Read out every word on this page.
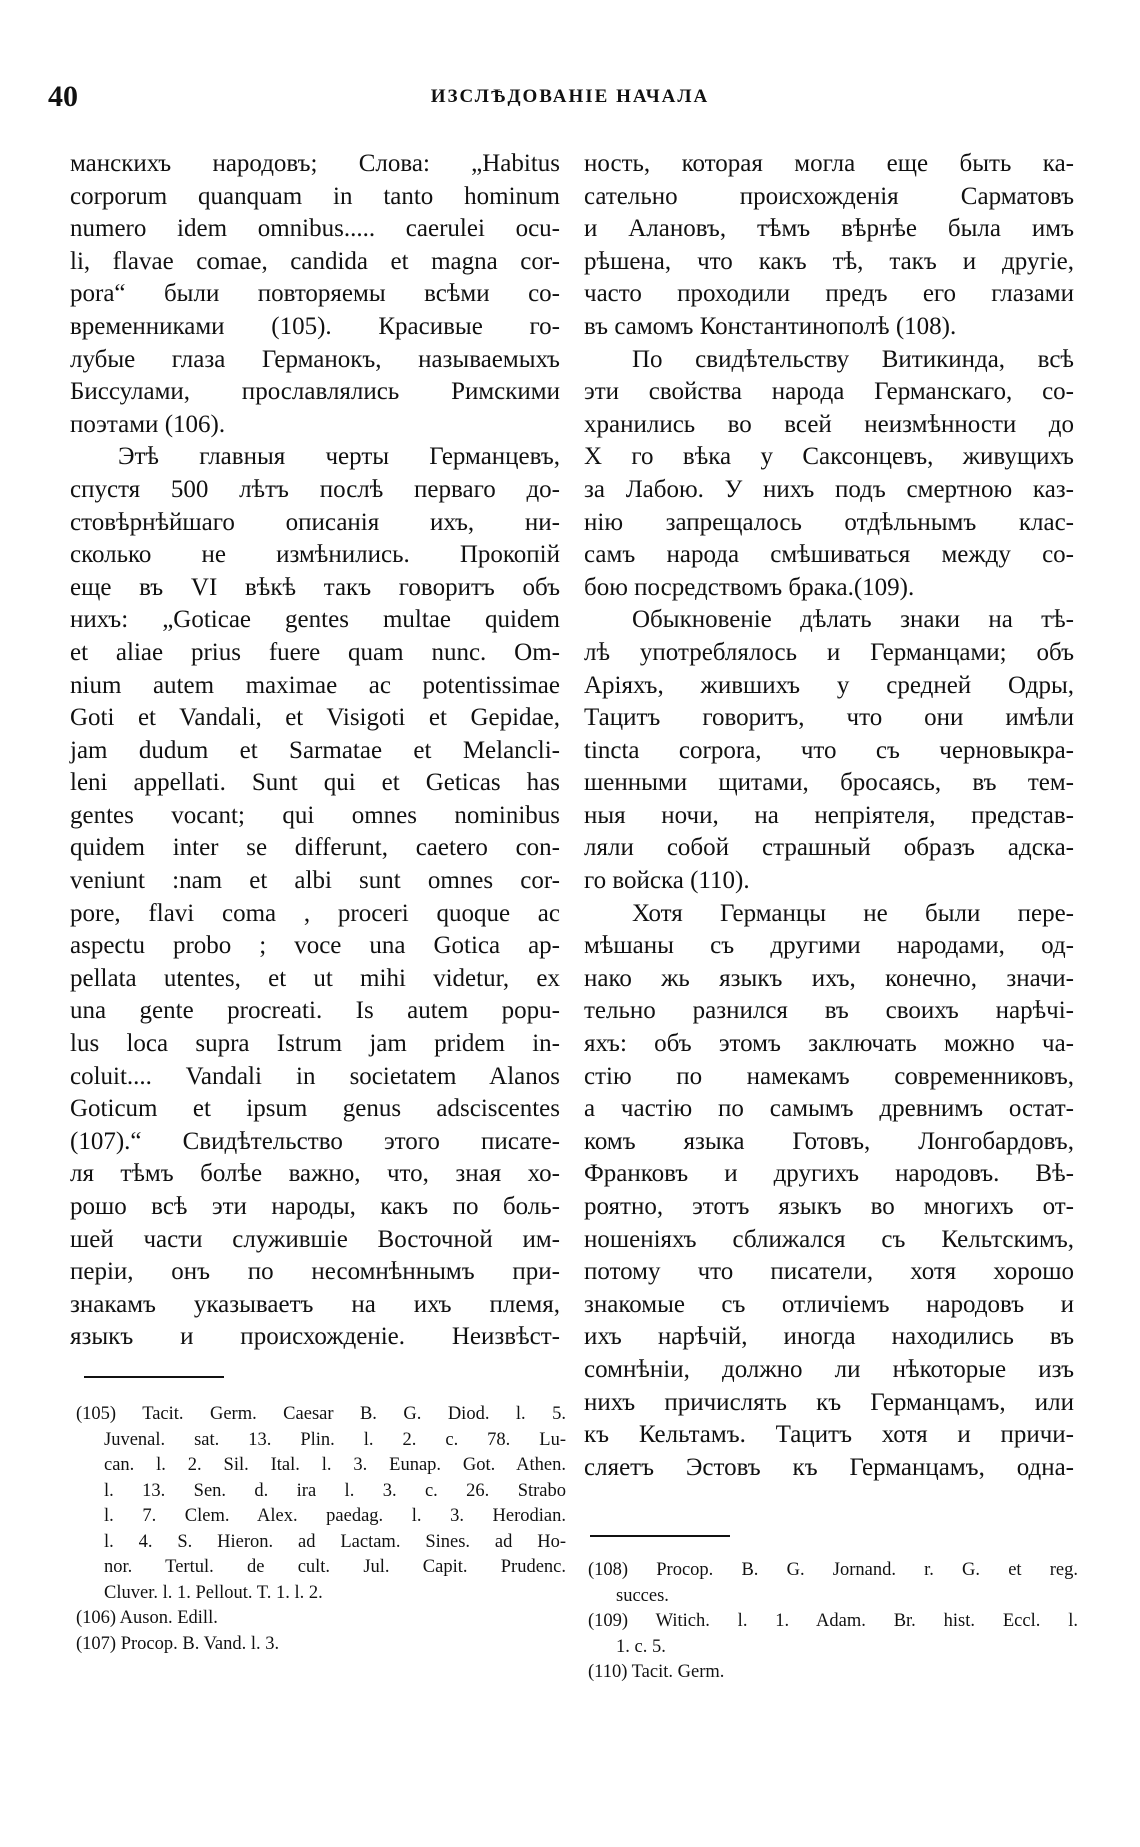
40	ИЗСЛѢДОВАНІЕ НАЧАЛА
манскихъ народовъ; Слова: „Habitus
corporum quanquam in tanto hominum
numero idem omnibus..... caerulei ocu-
li, flavae comae, candida et magna cor-
pora“ были повторяемы всѣми со-
временниками (105). Красивые го-
лубые глаза Германокъ, называемыхъ
Биссулами, прославлялись Римскими
поэтами (106).
Этѣ главныя черты Германцевъ,
спустя 500 лѣтъ послѣ перваго до-
стовѣрнѣйшаго описанія ихъ, ни-
сколько не измѣнились. Прокопій
еще въ VI вѣкѣ такъ говоритъ объ
нихъ: „Goticae gentes multae quidem
et aliae prius fuere quam nunc. Om-
nium autem maximae ac potentissimae
Goti et Vandali, et Visigoti et Gepidae,
jam dudum et Sarmatae et Melancli-
leni appellati. Sunt qui et Geticas has
gentes vocant; qui omnes nominibus
quidem inter se differunt, caetero con-
veniunt :nam et albi sunt omnes cor-
pore, flavi coma , proceri quoque ac
aspectu probo ; voce una Gotica ap-
pellata utentes, et ut mihi videtur, ex
una gente procreati. Is autem popu-
lus loca supra Istrum jam pridem in-
coluit.... Vandali in societatem Alanos
Goticum et ipsum genus adsciscentes
(107).“ Свидѣтельство этого писате-
ля тѣмъ болѣе важно, что, зная хо-
рошо всѣ эти народы, какъ по боль-
шей части служившіе Восточной им-
періи, онъ по несомнѣннымъ при-
знакамъ указываетъ на ихъ племя,
языкъ и происхожденіе. Неизвѣст-
ность, которая могла еще быть ка-
сательно происхожденія Сарматовъ
и Алановъ, тѣмъ вѣрнѣе была имъ
рѣшена, что какъ тѣ, такъ и другіе,
часто проходили предъ его глазами
въ самомъ Константинополѣ (108).
По свидѣтельству Витикинда, всѣ
эти свойства народа Германскаго, со-
хранились во всей неизмѣнности до
X го вѣка у Саксонцевъ, живущихъ
за Лабою. У нихъ подъ смертною каз-
нію запрещалось отдѣльнымъ клас-
самъ народа смѣшиваться между со-
бою посредствомъ брака.(109).
Обыкновеніе дѣлать знаки на тѣ-
лѣ употреблялось и Германцами; объ
Аріяхъ, жившихъ у средней Одры,
Тацитъ говоритъ, что они имѣли
tincta corpora, что съ черновыкра-
шенными щитами, бросаясь, въ тем-
ныя ночи, на непріятеля, представ-
ляли собой страшный образъ адска-
го войска (110).
Хотя Германцы не были пере-
мѣшаны съ другими народами, од-
нако жь языкъ ихъ, конечно, значи-
тельно разнился въ своихъ нарѣчі-
яхъ: объ этомъ заключать можно ча-
стію по намекамъ современниковъ,
а частію по самымъ древнимъ остат-
комъ языка Готовъ, Лонгобардовъ,
Франковъ и другихъ народовъ. Вѣ-
роятно, этотъ языкъ во многихъ от-
ношеніяхъ сближался съ Кельтскимъ,
потому что писатели, хотя хорошо
знакомые съ отличіемъ народовъ и
ихъ нарѣчій, иногда находились въ
сомнѣніи, должно ли нѣкоторые изъ
нихъ причислять къ Германцамъ, или
къ Кельтамъ. Тацитъ хотя и причи-
сляетъ Эстовъ къ Германцамъ, одна-
(105) Tacit. Germ. Caesar B. G. Diod. l. 5.
Juvenal. sat. 13. Plin. l. 2. c. 78. Lu-
can. l. 2. Sil. Ital. l. 3. Eunap. Got. Athen.
l. 13. Sen. d. ira l. 3. c. 26. Strabo
l. 7. Clem. Alex. paedag. l. 3. Herodian.
l. 4. S. Hieron. ad Lactam. Sines. ad Ho-
nor. Tertul. de cult. Jul. Capit. Prudenc.
Cluver. l. 1. Pellout. T. 1. l. 2.
(106) Auson. Edill.
(107) Procop. B. Vand. l. 3.
(108) Procop. B. G. Jornand. r. G. et reg.
succes.
(109) Witich. l. 1. Adam. Br. hist. Eccl. l.
1. c. 5.
(110) Tacit. Germ.
